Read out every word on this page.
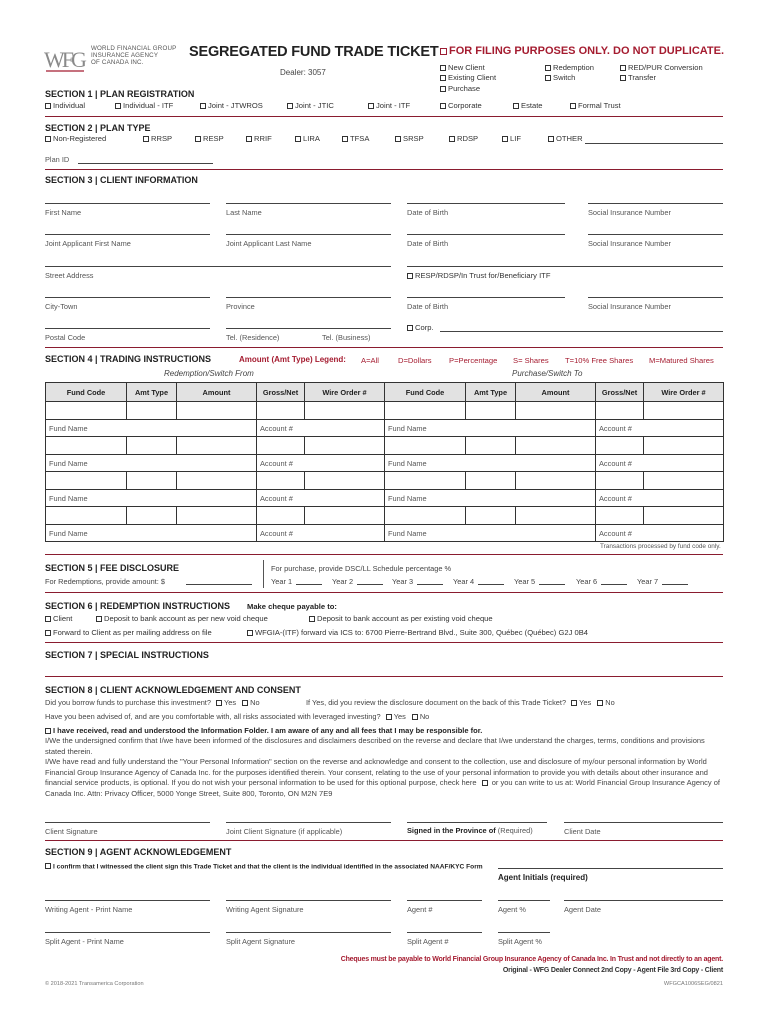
WFG	WORLD FINANCIAL GROUP
INSURANCE AGENCY
OF CANADA INC.
SEGREGATED FUND TRADE TICKET
Dealer: 3057
FOR FILING PURPOSES ONLY. DO NOT DUPLICATE.
New Client	Redemption	RED/PUR Conversion
Existing Client	Switch	Transfer
Purchase
SECTION 1 | PLAN REGISTRATION
Individual	Individual - ITF	Joint - JTWROS	Joint - JTIC	Joint - ITF	Corporate	Estate	Formal Trust
SECTION 2 | PLAN TYPE
Non-Registered	RRSP	RESP	RRIF	LIRA	TFSA	SRSP	RDSP	LIF	OTHER
Plan ID
SECTION 3 | CLIENT INFORMATION
First Name	Last Name	Date of Birth	Social Insurance Number
Joint Applicant First Name	Joint Applicant Last Name	Date of Birth	Social Insurance Number
Street Address	RESP/RDSP/In Trust for/Beneficiary ITF
City-Town	Province	Date of Birth	Social Insurance Number
Postal Code	Tel. (Residence)	Tel. (Business)
Corp.
SECTION 4 | TRADING INSTRUCTIONS	Amount (Amt Type) Legend: A=All	D=Dollars P=Percentage S= Shares T=10% Free Shares M=Matured Shares
Redemption/Switch From	Purchase/Switch To
Fund Code	Amt Type	Amount	Gross/Net	Wire Order #	Fund Code	Amt Type	Amount	Gross/Net	Wire Order #

Fund Name			Account #		Fund Name			Account #	

Fund Name			Account #		Fund Name			Account #	

Fund Name			Account #		Fund Name			Account #	

Fund Name			Account #		Fund Name			Account #	
Transactions processed by fund code only.
SECTION 5 | FEE DISCLOSURE
For Redemptions, provide amount: $
For purchase, provide DSC/LL Schedule percentage %
Year 1	Year 2	Year 3	Year 4	Year 5	Year 6	Year 7
SECTION 6 | REDEMPTION INSTRUCTIONS Make cheque payable to:
Client	Deposit to bank account as per new void cheque	Deposit to bank account as per existing void cheque
Forward to Client as per mailing address on file	WFGIA-(ITF) forward via ICS to: 6700 Pierre-Bertrand Blvd., Suite 300, Québec (Québec) G2J 0B4
SECTION 7 | SPECIAL INSTRUCTIONS
SECTION 8 | CLIENT ACKNOWLEDGEMENT AND CONSENT
Did you borrow funds to purchase this investment? Yes No	If Yes, did you review the disclosure document on the back of this Trade Ticket? Yes No
Have you been advised of, and are you comfortable with, all risks associated with leveraged investing? Yes No
I have received, read and understood the Information Folder. I am aware of any and all fees that I may be responsible for.
I/We the undersigned confirm that I/we have been informed of the disclosures and disclaimers described on the reverse and declare that I/we understand the charges, terms, conditions and provisions stated therein.
I/We have read and fully understand the "Your Personal Information" section on the reverse and acknowledge and consent to the collection, use and disclosure of my/our personal information by World Financial Group Insurance Agency of Canada Inc. for the purposes identified therein. Your consent, relating to the use of your personal information to provide you with details about other insurance and financial service products, is optional. If you do not wish your personal information to be used for this optional purpose, check here or you can write to us at: World Financial Group Insurance Agency of Canada Inc. Attn: Privacy Officer, 5000 Yonge Street, Suite 800, Toronto, ON M2N 7E9
Client Signature	Joint Client Signature (if applicable)	Signed in the Province of (Required)	Client Date
SECTION 9 | AGENT ACKNOWLEDGEMENT
I confirm that I witnessed the client sign this Trade Ticket and that the client is the individual identified in the associated NAAF/KYC Form
Agent Initials (required)
Writing Agent - Print Name	Writing Agent Signature	Agent #	Agent %	Agent Date
Split Agent - Print Name	Split Agent Signature	Split Agent #	Split Agent %
Cheques must be payable to World Financial Group Insurance Agency of Canada Inc. In Trust and not directly to an agent.
Original - WFG Dealer Connect 2nd Copy - Agent File 3rd Copy - Client
© 2018-2021 Transamerica Corporation	WFGCA1006SEG/0821
